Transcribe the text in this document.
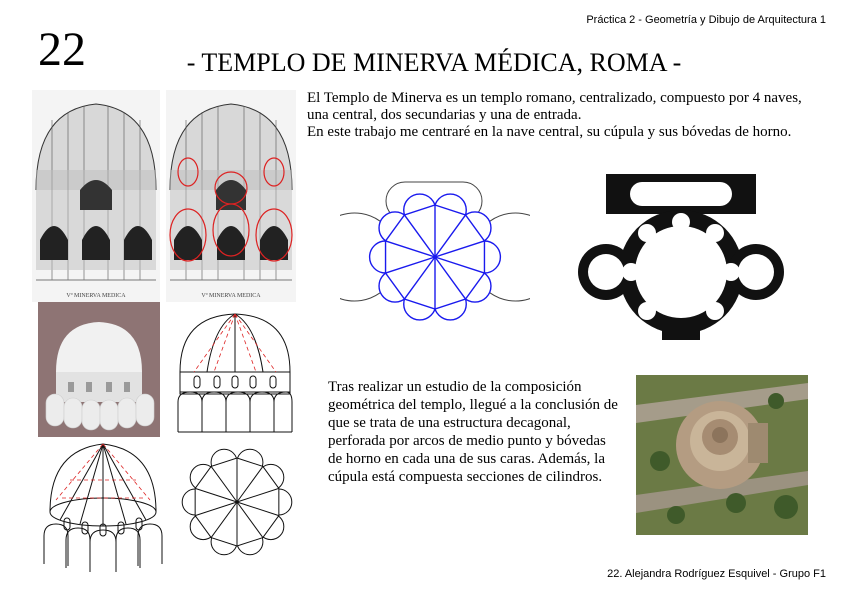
Práctica 2 - Geometría y Dibujo de Arquitectura 1
22	- TEMPLO DE MINERVA MÉDICA, ROMA -

El Templo de Minerva es un templo romano, centralizado, compuesto por 4 naves, una central, dos secundarias y una de entrada.

En este trabajo me centraré en la nave central, su cúpula y sus bóvedas de horno.

Vº MINERVA MEDICA	Vº MINERVA MEDICA
Tras realizar un estudio de la composición geométrica del templo, llegué a la conclusión de que se trata de una estructura decagonal, perforada por arcos de medio punto y bóvedas de horno en cada una de sus caras. Además, la cúpula está compuesta secciones de cilindros.
22. Alejandra Rodríguez Esquivel - Grupo F1
